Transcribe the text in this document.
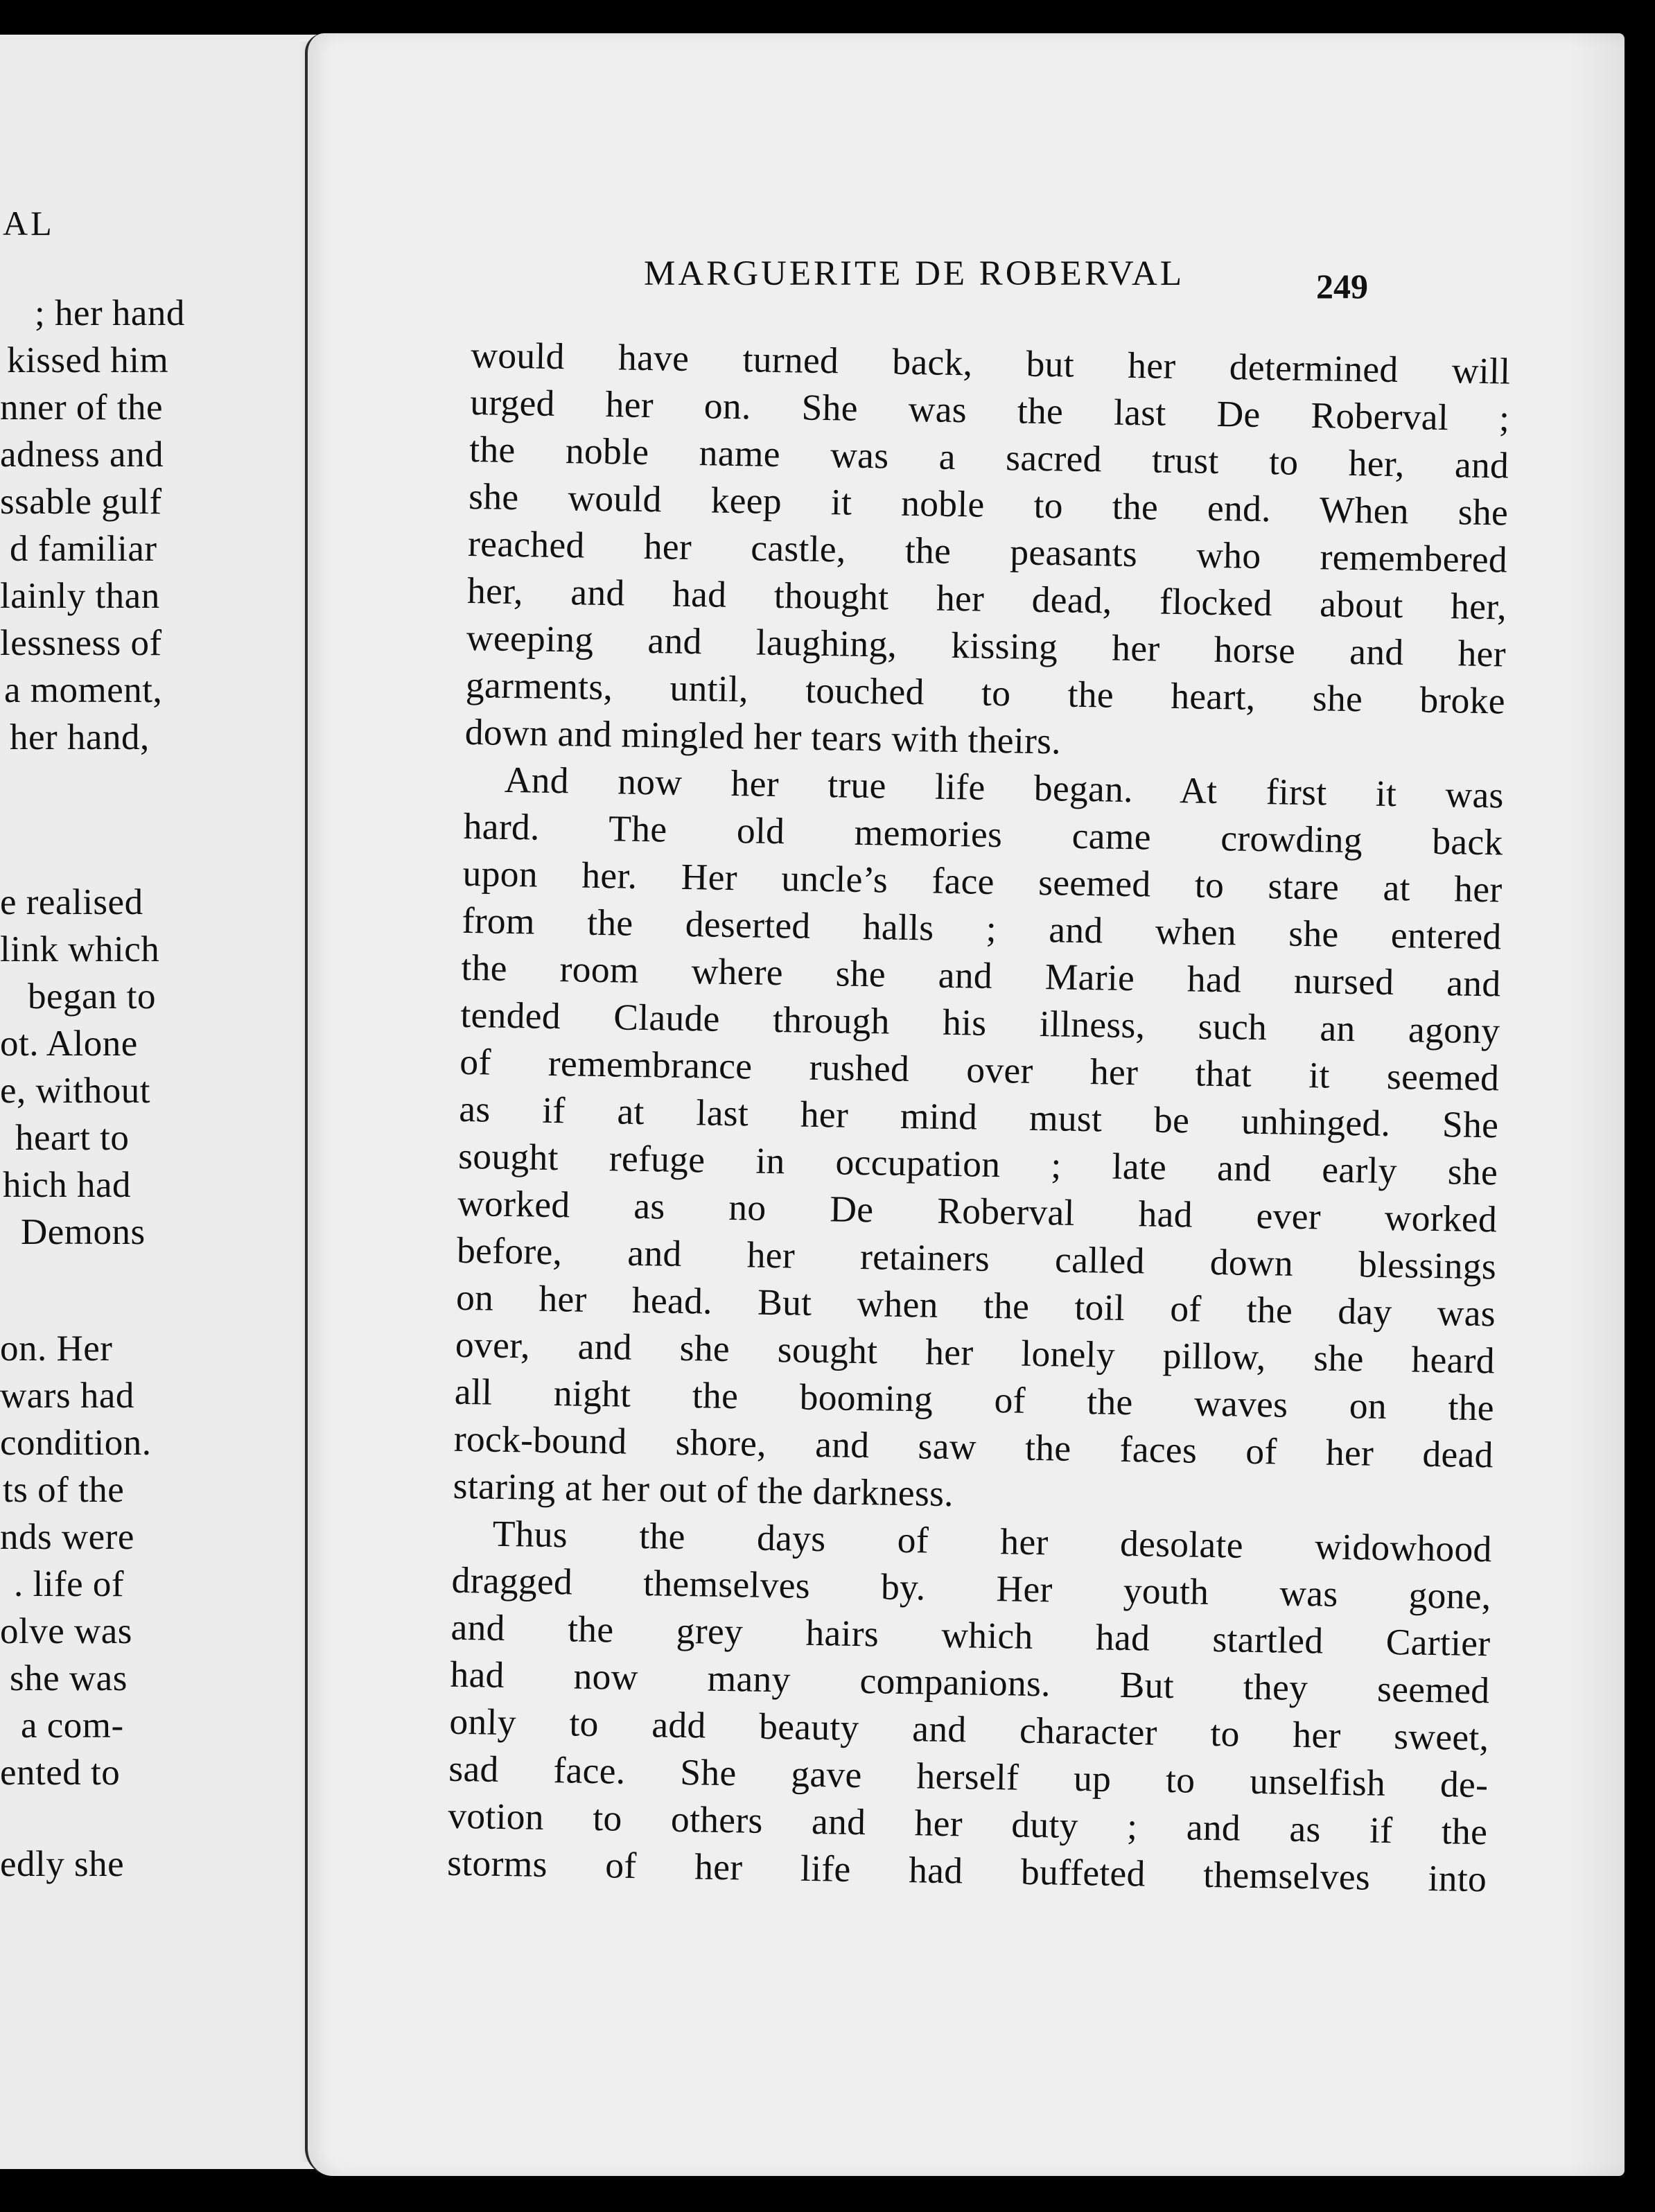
AL
; her hand
kissed him
nner of the
adness and
ssable gulf
d familiar
lainly than
lessness of
a moment,
her hand,
e realised
link which
began to
ot. Alone
e, without
heart to
hich had
Demons
on. Her
wars had
condition.
ts of the
nds were
. life of
olve was
she was
a com-
ented to
edly she
MARGUERITE DE ROBERVAL	249
would have turned back, but her determined will
urged her on. She was the last De Roberval ;
the noble name was a sacred trust to her, and
she would keep it noble to the end. When she
reached her castle, the peasants who remembered
her, and had thought her dead, flocked about her,
weeping and laughing, kissing her horse and her
garments, until, touched to the heart, she broke
down and mingled her tears with theirs.
And now her true life began. At first it was
hard. The old memories came crowding back
upon her. Her uncle’s face seemed to stare at her
from the deserted halls ; and when she entered
the room where she and Marie had nursed and
tended Claude through his illness, such an agony
of remembrance rushed over her that it seemed
as if at last her mind must be unhinged. She
sought refuge in occupation ; late and early she
worked as no De Roberval had ever worked
before, and her retainers called down blessings
on her head. But when the toil of the day was
over, and she sought her lonely pillow, she heard
all night the booming of the waves on the
rock-bound shore, and saw the faces of her dead
staring at her out of the darkness.
Thus the days of her desolate widowhood
dragged themselves by. Her youth was gone,
and the grey hairs which had startled Cartier
had now many companions. But they seemed
only to add beauty and character to her sweet,
sad face. She gave herself up to unselfish de-
votion to others and her duty ; and as if the
storms of her life had buffeted themselves into
